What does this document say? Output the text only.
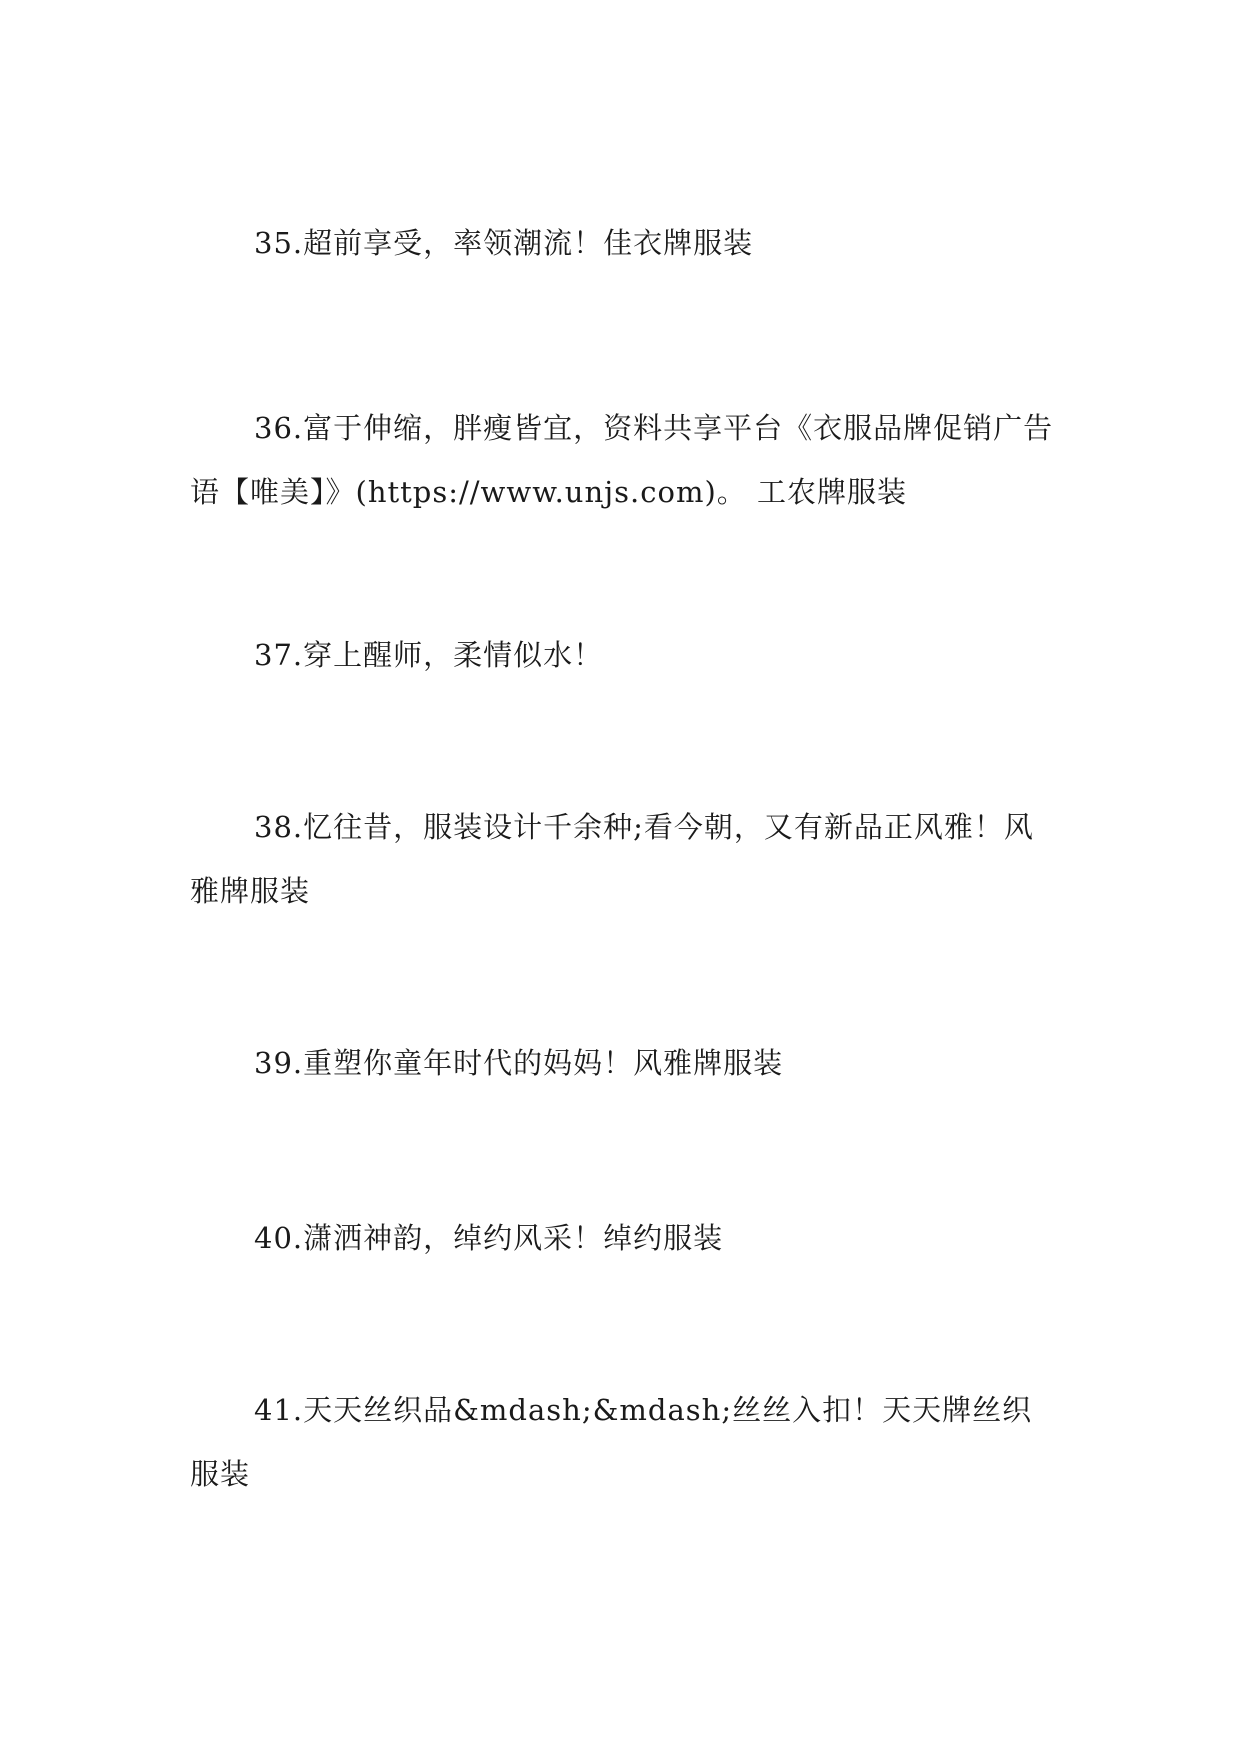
35.超前享受，率领潮流！佳衣牌服装

36.富于伸缩，胖瘦皆宜，资料共享平台《衣服品牌促销广告语【唯美】》(https://www.unjs.com)。 工农牌服装

37.穿上醒师，柔情似水！

38.忆往昔，服装设计千余种;看今朝，又有新品正风雅！风雅牌服装

39.重塑你童年时代的妈妈！风雅牌服装

40.潇洒神韵，绰约风采！绰约服装

41.天天丝织品&mdash;&mdash;丝丝入扣！天天牌丝织服装
